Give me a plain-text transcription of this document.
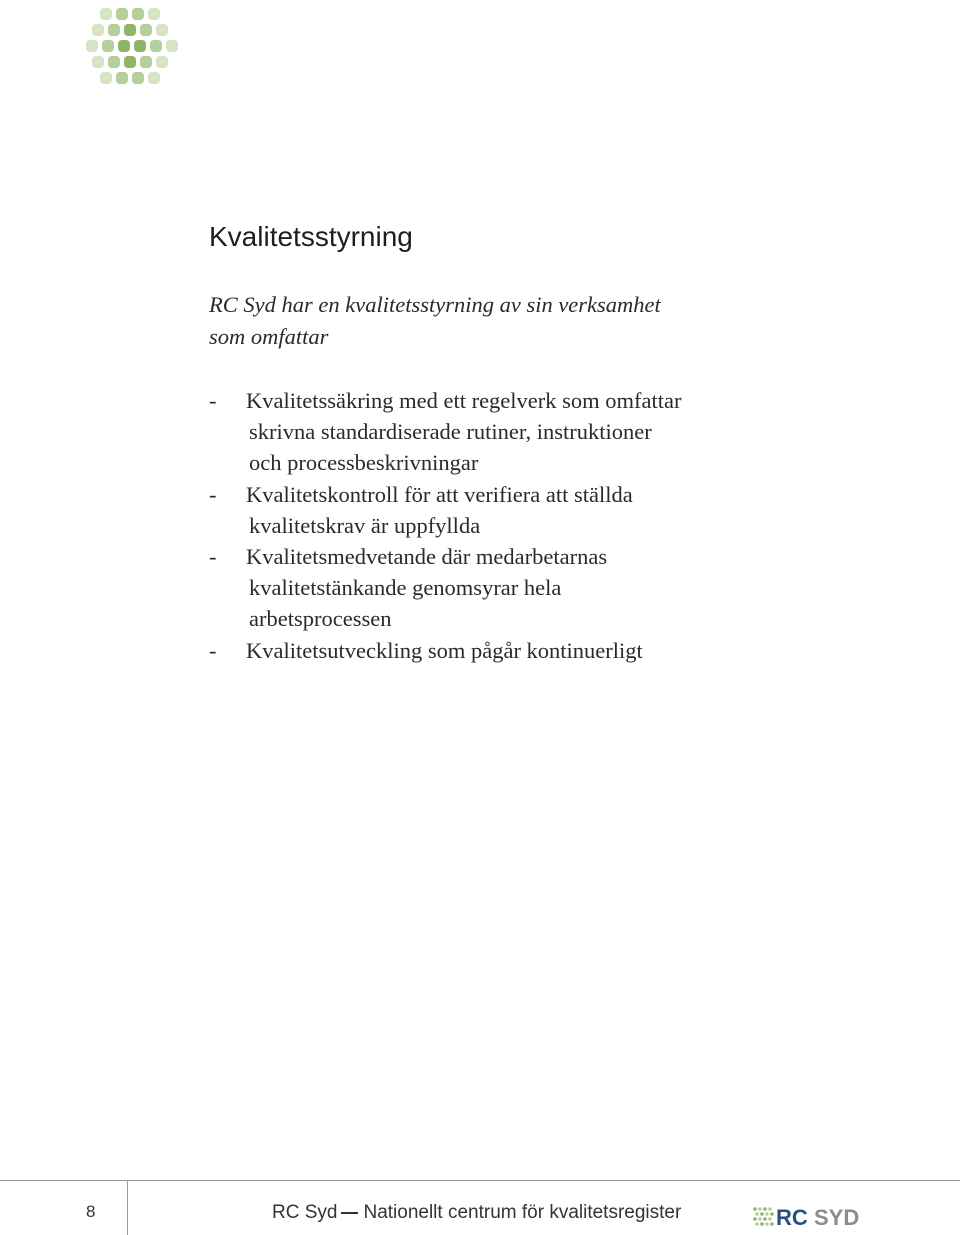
Kvalitetsstyrning

RC Syd har en kvalitetsstyrning av sin verksamhet
som omfattar

- Kvalitetssäkring med ett regelverk som omfattar
skrivna standardiserade rutiner, instruktioner
och processbeskrivningar
- Kvalitetskontroll för att verifiera att ställda
kvalitetskrav är uppfyllda
- Kvalitetsmedvetande där medarbetarnas
kvalitetstänkande genomsyrar hela
arbetsprocessen
- Kvalitetsutveckling som pågår kontinuerligt
8	RC Syd Nationellt centrum för kvalitetsregister	RC SYD
